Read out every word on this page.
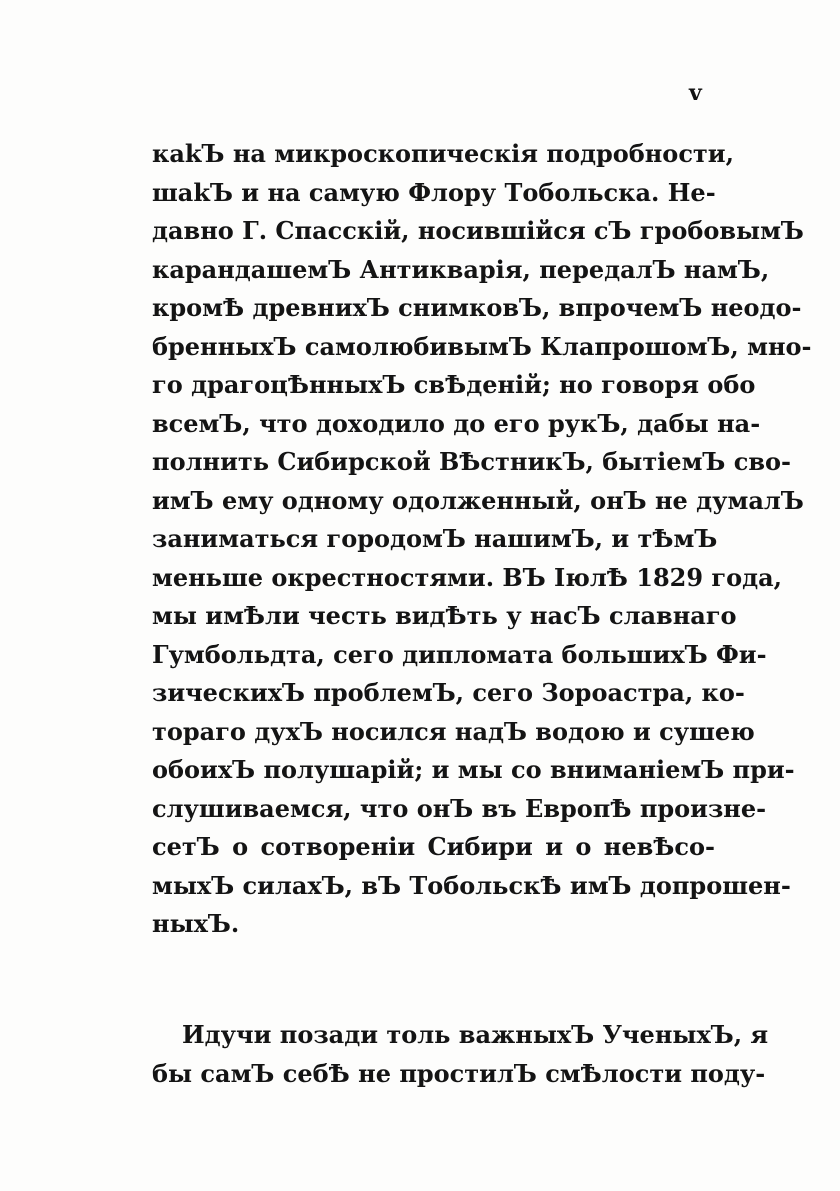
v
каkЪ на микроскопическія подробности,
шаkЪ и на самую Флору Тобольска. Не-
давно Г. Спасскій, носившійся сЪ гробовымЪ
карандашемЪ Антикварія, передалЪ намЪ,
кромѢ древнихЪ снимковЪ, впрочемЪ неодо-
бренныхЪ самолюбивымЪ КлапрошомЪ, мно-
го драгоцѢнныхЪ свѢденій; но говоря обо
всемЪ, что доходило до его рукЪ, дабы на-
полнить Сибирской ВѢстникЪ, бытіемЪ сво-
имЪ ему одному одолженный, онЪ не думалЪ
заниматься городомЪ нашимЪ, и тѢмЪ
меньше окрестностями. ВЪ ІюлѢ 1829 года,
мы имѢли честь видѢть у насЪ славнаго
Гумбольдта, сего дипломата большихЪ Фи-
зическихЪ проблемЪ, сего Зороастра, ко-
тораго духЪ носился надЪ водою и сушею
обоихЪ полушарій; и мы со вниманіемЪ при-
слушиваемся, что онЪ въ ЕвропѢ произне-
сетЪ о сотвореніи Сибири и о невѢсо-
мыхЪ силахЪ, вЪ ТобольскѢ имЪ допрошен-
ныхЪ.
Идучи позади толь важныхЪ УченыхЪ, я
бы самЪ себѢ не простилЪ смѢлости поду-
